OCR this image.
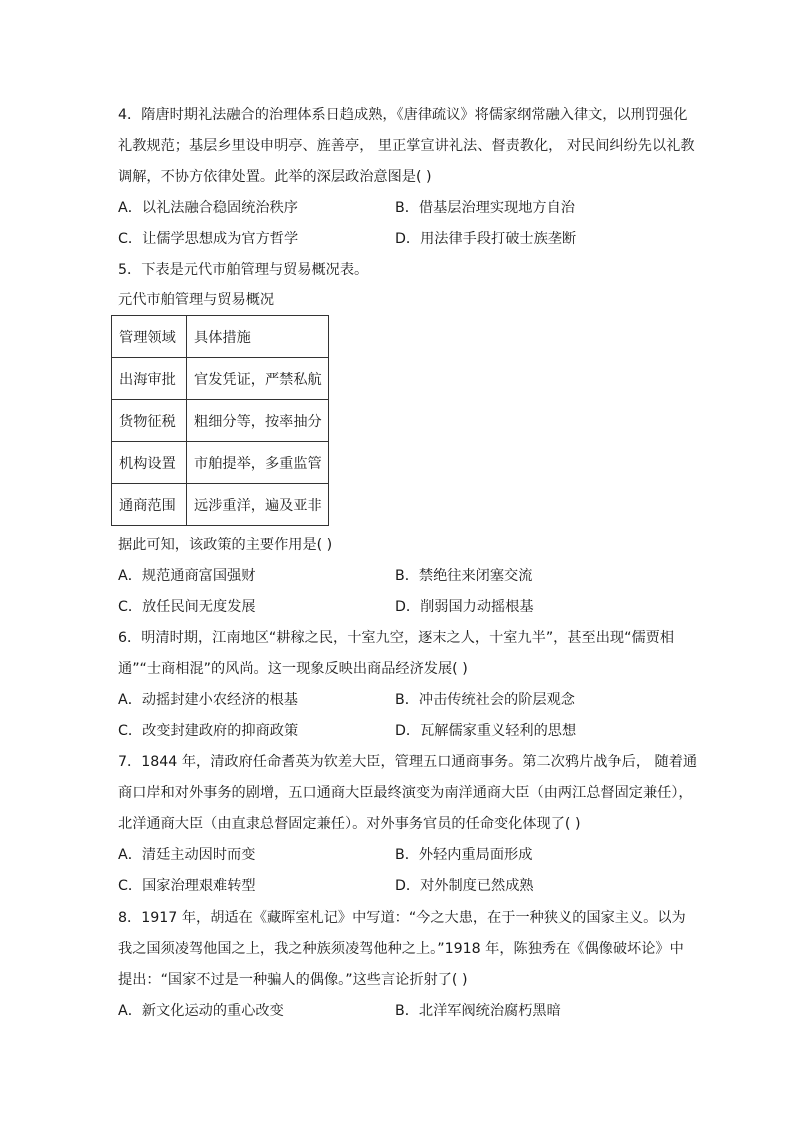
4．隋唐时期礼法融合的治理体系日趋成熟，《唐律疏议》将儒家纲常融入律文，以刑罚强化
礼教规范；基层乡里设申明亭、旌善亭， 里正掌宣讲礼法、督责教化， 对民间纠纷先以礼教
调解，不协方依律处置。此举的深层政治意图是( )
A．以礼法融合稳固统治秩序	B．借基层治理实现地方自治
C．让儒学思想成为官方哲学	D．用法律手段打破士族垄断
5．下表是元代市舶管理与贸易概况表。
元代市舶管理与贸易概况
管理领域	具体措施
出海审批	官发凭证，严禁私航
货物征税	粗细分等，按率抽分
机构设置	市舶提举，多重监管
通商范围	远涉重洋，遍及亚非
据此可知，该政策的主要作用是( )
A．规范通商富国强财	B．禁绝往来闭塞交流
C．放任民间无度发展	D．削弱国力动摇根基
6．明清时期，江南地区“耕稼之民，十室九空，逐末之人，十室九半”，甚至出现“儒贾相
通”“士商相混”的风尚。这一现象反映出商品经济发展( )
A．动摇封建小农经济的根基	B．冲击传统社会的阶层观念
C．改变封建政府的抑商政策	D．瓦解儒家重义轻利的思想
7．1844 年，清政府任命耆英为钦差大臣，管理五口通商事务。第二次鸦片战争后， 随着通
商口岸和对外事务的剧增，五口通商大臣最终演变为南洋通商大臣（由两江总督固定兼任），
北洋通商大臣（由直隶总督固定兼任）。对外事务官员的任命变化体现了( )
A．清廷主动因时而变	B．外轻内重局面形成
C．国家治理艰难转型	D．对外制度已然成熟
8．1917 年，胡适在《藏晖室札记》中写道：“今之大患，在于一种狭义的国家主义。以为
我之国须凌驾他国之上，我之种族须凌驾他种之上。”1918 年，陈独秀在《偶像破坏论》中
提出：“国家不过是一种骗人的偶像。”这些言论折射了( )
A．新文化运动的重心改变	B．北洋军阀统治腐朽黑暗
